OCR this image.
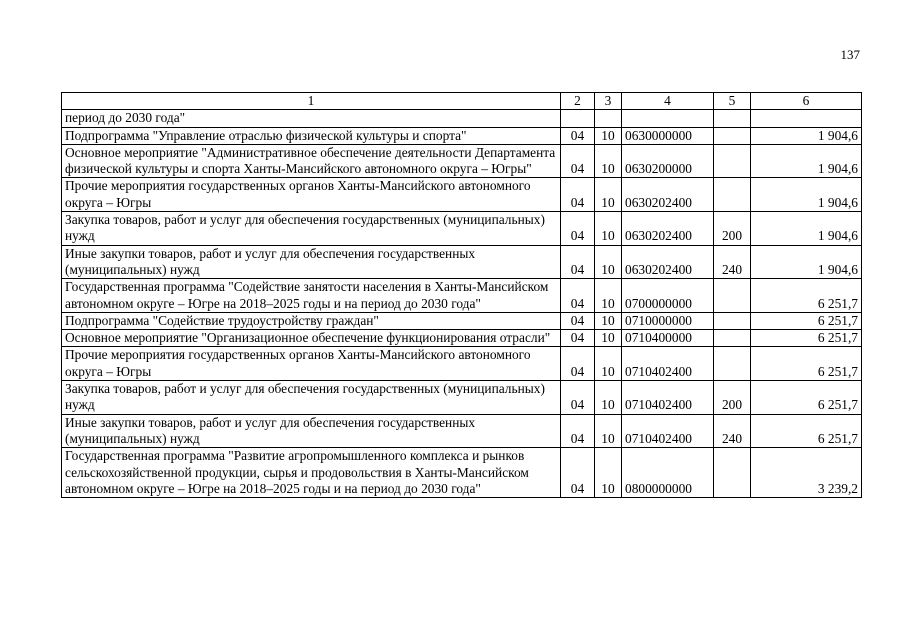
137
1	2	3	4	5	6
период до 2030 года"					
Подпрограмма "Управление отраслью физической культуры и спорта"	04	10	0630000000		1 904,6
Основное мероприятие "Административное обеспечение деятельности Департамента физической культуры и спорта Ханты-Мансийского автономного округа – Югры"	04	10	0630200000		1 904,6
Прочие мероприятия государственных органов Ханты-Мансийского автономного округа – Югры	04	10	0630202400		1 904,6
Закупка товаров, работ и услуг для обеспечения государственных (муниципальных) нужд	04	10	0630202400	200	1 904,6
Иные закупки товаров, работ и услуг для обеспечения государственных (муниципальных) нужд	04	10	0630202400	240	1 904,6
Государственная программа "Содействие занятости населения в Ханты-Мансийском автономном округе – Югре на 2018–2025 годы и на период до 2030 года"	04	10	0700000000		6 251,7
Подпрограмма "Содействие трудоустройству граждан"	04	10	0710000000		6 251,7
Основное мероприятие "Организационное обеспечение функционирования отрасли"	04	10	0710400000		6 251,7
Прочие мероприятия государственных органов Ханты-Мансийского автономного округа – Югры	04	10	0710402400		6 251,7
Закупка товаров, работ и услуг для обеспечения государственных (муниципальных) нужд	04	10	0710402400	200	6 251,7
Иные закупки товаров, работ и услуг для обеспечения государственных (муниципальных) нужд	04	10	0710402400	240	6 251,7
Государственная программа "Развитие агропромышленного комплекса и рынков сельскохозяйственной продукции, сырья и продовольствия в Ханты-Мансийском автономном округе – Югре на 2018–2025 годы и на период до 2030 года"	04	10	0800000000		3 239,2
